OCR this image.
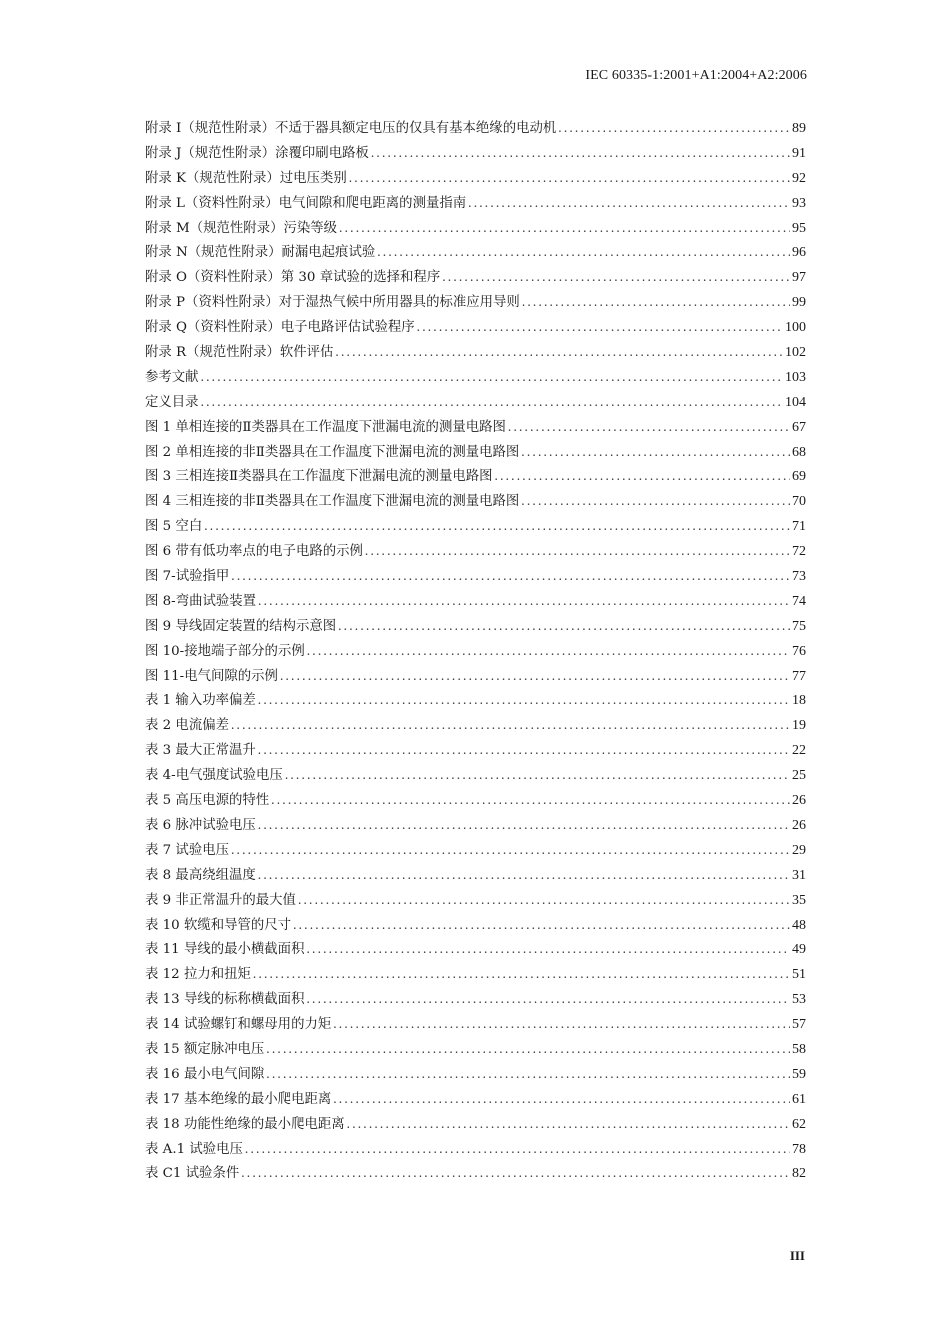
IEC 60335-1:2001+A1:2004+A2:2006
附录 I（规范性附录）不适于器具额定电压的仅具有基本绝缘的电动机 .....	89
附录 J（规范性附录）涂覆印刷电路板 .....	91
附录 K（规范性附录）过电压类别 .....	92
附录 L（资料性附录）电气间隙和爬电距离的测量指南 .....	93
附录 M（规范性附录）污染等级 .....	95
附录 N（规范性附录）耐漏电起痕试验 .....	96
附录 O（资料性附录）第 30 章试验的选择和程序 .....	97
附录 P（资料性附录）对于湿热气候中所用器具的标准应用导则 .....	99
附录 Q（资料性附录）电子电路评估试验程序 .....	100
附录 R（规范性附录）软件评估 .....	102
参考文献 .....	103
定义目录 .....	104
图 1 单相连接的Ⅱ类器具在工作温度下泄漏电流的测量电路图 .....	67
图 2 单相连接的非Ⅱ类器具在工作温度下泄漏电流的测量电路图 .....	68
图 3 三相连接Ⅱ类器具在工作温度下泄漏电流的测量电路图 .....	69
图 4 三相连接的非Ⅱ类器具在工作温度下泄漏电流的测量电路图 .....	70
图 5 空白 .....	71
图 6 带有低功率点的电子电路的示例 .....	72
图 7-试验指甲 .....	73
图 8-弯曲试验装置 .....	74
图 9 导线固定装置的结构示意图 .....	75
图 10-接地端子部分的示例 .....	76
图 11-电气间隙的示例 .....	77
表 1 输入功率偏差 .....	18
表 2 电流偏差 .....	19
表 3 最大正常温升 .....	22
表 4-电气强度试验电压 .....	25
表 5 高压电源的特性 .....	26
表 6 脉冲试验电压 .....	26
表 7 试验电压 .....	29
表 8 最高绕组温度 .....	31
表 9 非正常温升的最大值 .....	35
表 10 软缆和导管的尺寸 .....	48
表 11 导线的最小横截面积 .....	49
表 12 拉力和扭矩 .....	51
表 13 导线的标称横截面积 .....	53
表 14 试验螺钉和螺母用的力矩 .....	57
表 15 额定脉冲电压 .....	58
表 16 最小电气间隙 .....	59
表 17 基本绝缘的最小爬电距离 .....	61
表 18 功能性绝缘的最小爬电距离 .....	62
表 A.1 试验电压 .....	78
表 C1 试验条件 .....	82
III
